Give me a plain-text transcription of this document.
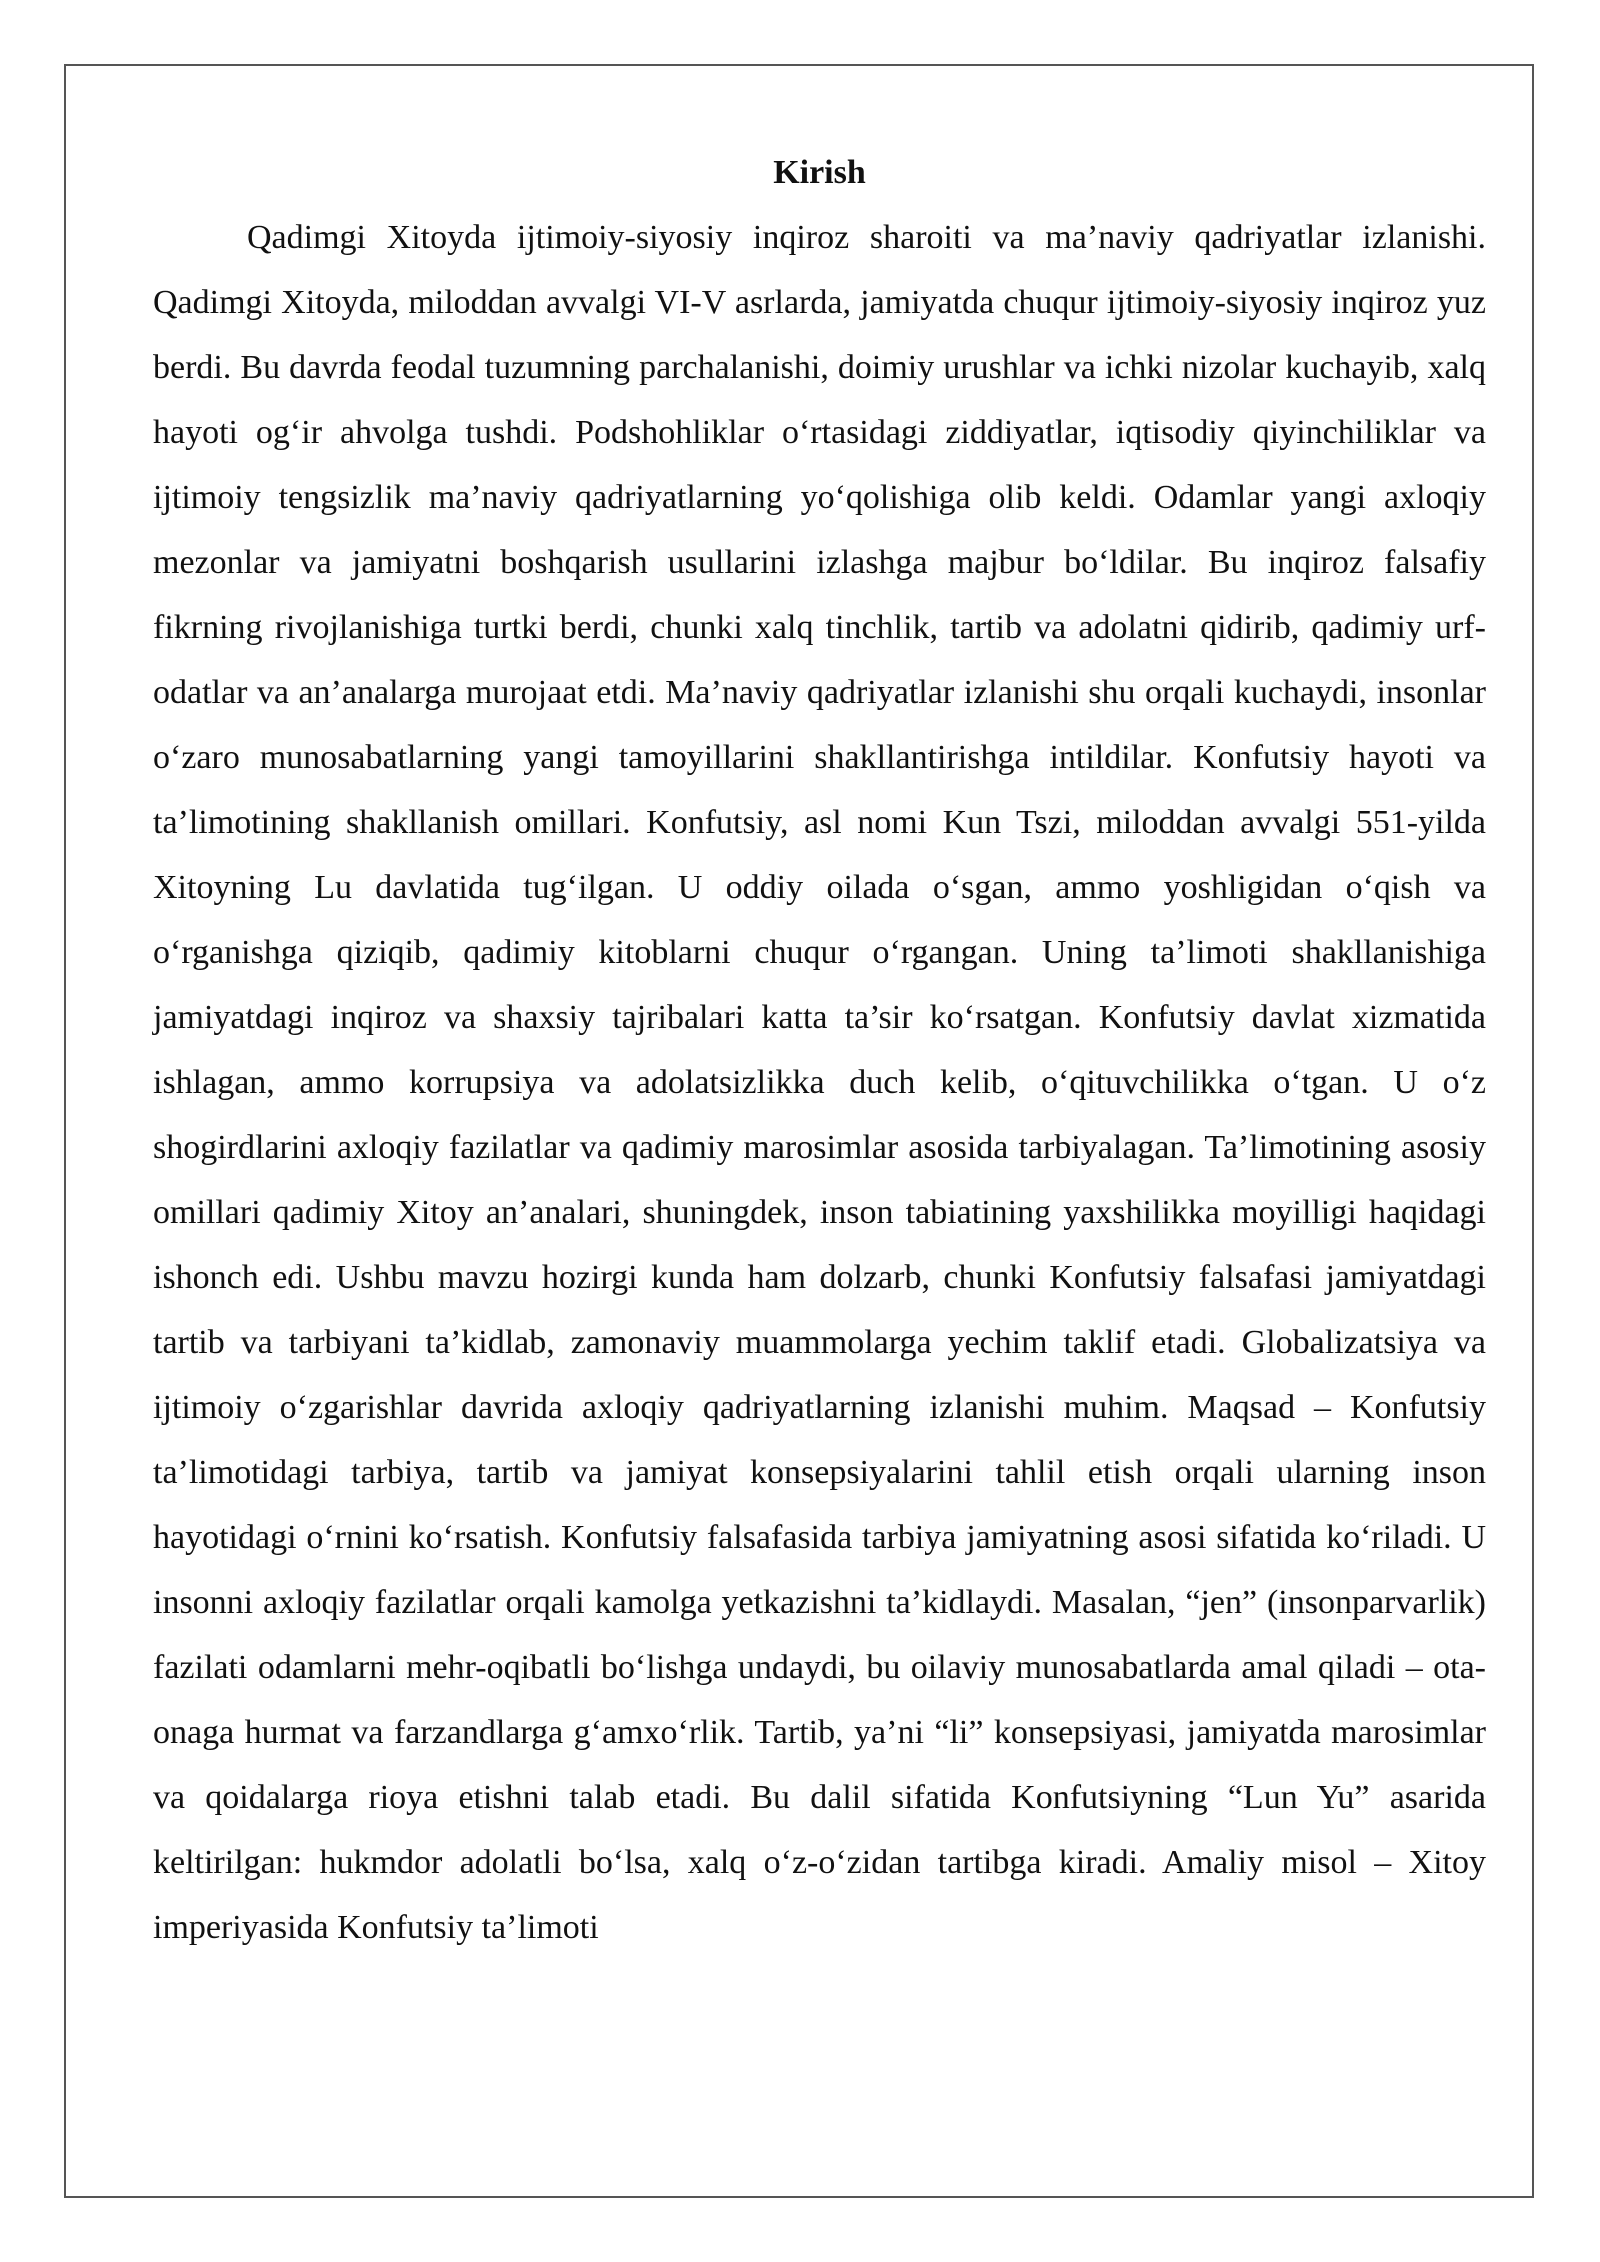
Kirish

Qadimgi Xitoyda ijtimoiy-siyosiy inqiroz sharoiti va ma’naviy qadriyatlar izlanishi. Qadimgi Xitoyda, miloddan avvalgi VI-V asrlarda, jamiyatda chuqur ijtimoiy-siyosiy inqiroz yuz berdi. Bu davrda feodal tuzumning parchalanishi, doimiy urushlar va ichki nizolar kuchayib, xalq hayoti og‘ir ahvolga tushdi. Podshohliklar o‘rtasidagi ziddiyatlar, iqtisodiy qiyinchiliklar va ijtimoiy tengsizlik ma’naviy qadriyatlarning yo‘qolishiga olib keldi. Odamlar yangi axloqiy mezonlar va jamiyatni boshqarish usullarini izlashga majbur bo‘ldilar. Bu inqiroz falsafiy fikrning rivojlanishiga turtki berdi, chunki xalq tinchlik, tartib va adolatni qidirib, qadimiy urf-odatlar va an’analarga murojaat etdi. Ma’naviy qadriyatlar izlanishi shu orqali kuchaydi, insonlar o‘zaro munosabatlarning yangi tamoyillarini shakllantirishga intildilar. Konfutsiy hayoti va ta’limotining shakllanish omillari. Konfutsiy, asl nomi Kun Tszi, miloddan avvalgi 551-yilda Xitoyning Lu davlatida tug‘ilgan. U oddiy oilada o‘sgan, ammo yoshligidan o‘qish va o‘rganishga qiziqib, qadimiy kitoblarni chuqur o‘rgangan. Uning ta’limoti shakllanishiga jamiyatdagi inqiroz va shaxsiy tajribalari katta ta’sir ko‘rsatgan. Konfutsiy davlat xizmatida ishlagan, ammo korrupsiya va adolatsizlikka duch kelib, o‘qituvchilikka o‘tgan. U o‘z shogirdlarini axloqiy fazilatlar va qadimiy marosimlar asosida tarbiyalagan. Ta’limotining asosiy omillari qadimiy Xitoy an’analari, shuningdek, inson tabiatining yaxshilikka moyilligi haqidagi ishonch edi. Ushbu mavzu hozirgi kunda ham dolzarb, chunki Konfutsiy falsafasi jamiyatdagi tartib va tarbiyani ta’kidlab, zamonaviy muammolarga yechim taklif etadi. Globalizatsiya va ijtimoiy o‘zgarishlar davrida axloqiy qadriyatlarning izlanishi muhim. Maqsad – Konfutsiy ta’limotidagi tarbiya, tartib va jamiyat konsepsiyalarini tahlil etish orqali ularning inson hayotidagi o‘rnini ko‘rsatish. Konfutsiy falsafasida tarbiya jamiyatning asosi sifatida ko‘riladi. U insonni axloqiy fazilatlar orqali kamolga yetkazishni ta’kidlaydi. Masalan, “jen” (insonparvarlik) fazilati odamlarni mehr-oqibatli bo‘lishga undaydi, bu oilaviy munosabatlarda amal qiladi – ota-onaga hurmat va farzandlarga g‘amxo‘rlik. Tartib, ya’ni “li” konsepsiyasi, jamiyatda marosimlar va qoidalarga rioya etishni talab etadi. Bu dalil sifatida Konfutsiyning “Lun Yu” asarida keltirilgan: hukmdor adolatli bo‘lsa, xalq o‘z-o‘zidan tartibga kiradi. Amaliy misol – Xitoy imperiyasida Konfutsiy ta’limoti
